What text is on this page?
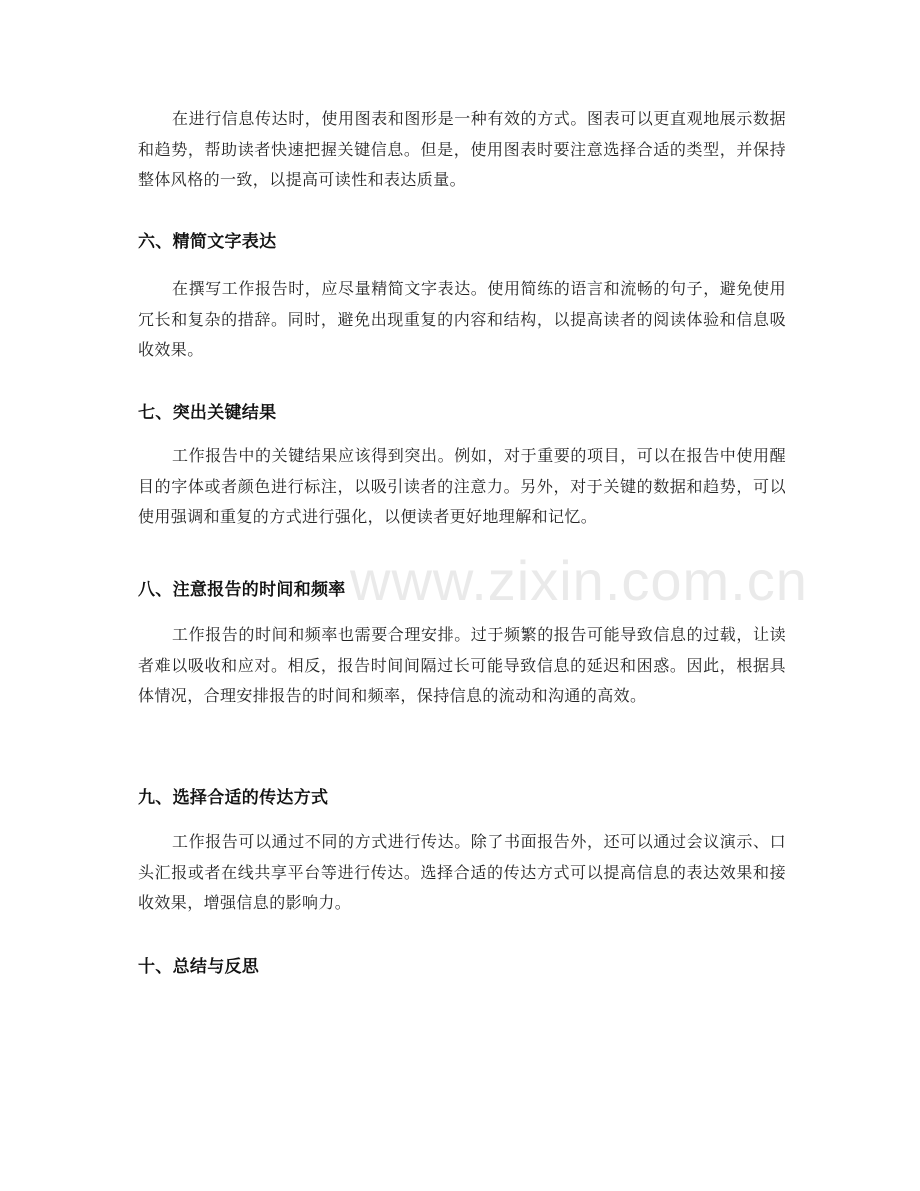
在进行信息传达时，使用图表和图形是一种有效的方式。图表可以更直观地展示数据和趋势，帮助读者快速把握关键信息。但是，使用图表时要注意选择合适的类型，并保持整体风格的一致，以提高可读性和表达质量。

六、精简文字表达

在撰写工作报告时，应尽量精简文字表达。使用简练的语言和流畅的句子，避免使用冗长和复杂的措辞。同时，避免出现重复的内容和结构，以提高读者的阅读体验和信息吸收效果。

七、突出关键结果

工作报告中的关键结果应该得到突出。例如，对于重要的项目，可以在报告中使用醒目的字体或者颜色进行标注，以吸引读者的注意力。另外，对于关键的数据和趋势，可以使用强调和重复的方式进行强化，以便读者更好地理解和记忆。

八、注意报告的时间和频率

工作报告的时间和频率也需要合理安排。过于频繁的报告可能导致信息的过载，让读者难以吸收和应对。相反，报告时间间隔过长可能导致信息的延迟和困惑。因此，根据具体情况，合理安排报告的时间和频率，保持信息的流动和沟通的高效。

九、选择合适的传达方式

工作报告可以通过不同的方式进行传达。除了书面报告外，还可以通过会议演示、口头汇报或者在线共享平台等进行传达。选择合适的传达方式可以提高信息的表达效果和接收效果，增强信息的影响力。

十、总结与反思
www.zixin.com.cn
